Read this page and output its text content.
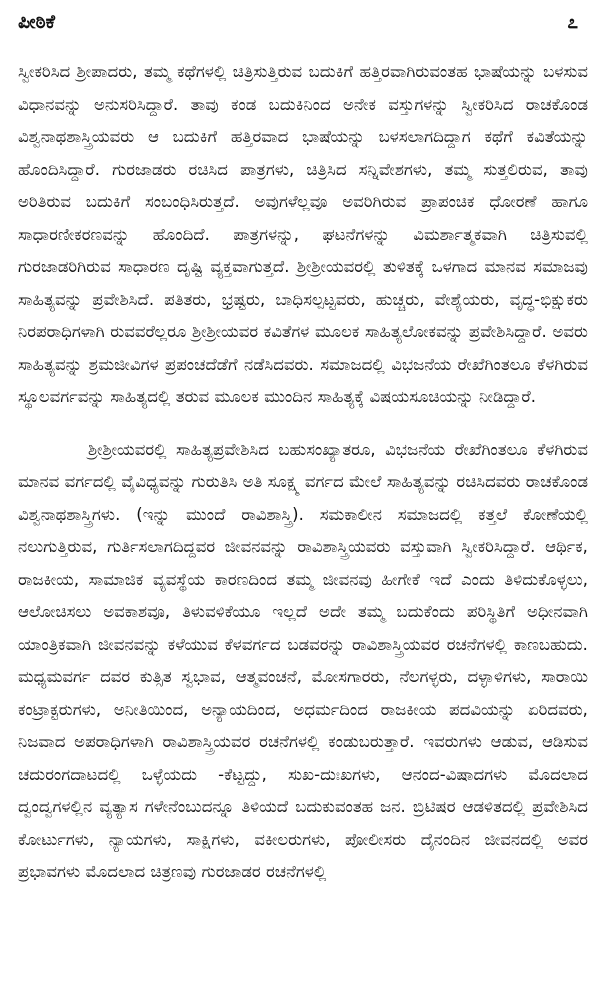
ಪೀಠಿಕೆ	೭

ಸ್ವೀಕರಿಸಿದ ಶ್ರೀಪಾದರು, ತಮ್ಮ ಕಥೆಗಳಲ್ಲಿ ಚಿತ್ರಿಸುತ್ತಿರುವ ಬದುಕಿಗೆ ಹತ್ತಿರವಾಗಿರುವಂತಹ ಭಾಷೆಯನ್ನು ಬಳಸುವ ವಿಧಾನವನ್ನು ಅನುಸರಿಸಿದ್ದಾರೆ. ತಾವು ಕಂಡ ಬದುಕಿನಿಂದ ಅನೇಕ ವಸ್ತುಗಳನ್ನು ಸ್ವೀಕರಿಸಿದ ರಾಚಕೊಂಡ ವಿಶ್ವನಾಥಶಾಸ್ತ್ರಿಯವರು ಆ ಬದುಕಿಗೆ ಹತ್ತಿರವಾದ ಭಾಷೆಯನ್ನು ಬಳಸಲಾಗದಿದ್ದಾಗ ಕಥೆಗೆ ಕವಿತೆಯನ್ನು ಹೊಂದಿಸಿದ್ದಾರೆ. ಗುರಜಾಡರು ರಚಿಸಿದ ಪಾತ್ರಗಳು, ಚಿತ್ರಿಸಿದ ಸನ್ನಿವೇಶಗಳು, ತಮ್ಮ ಸುತ್ತಲಿರುವ, ತಾವು ಅರಿತಿರುವ ಬದುಕಿಗೆ ಸಂಬಂಧಿಸಿರುತ್ತದೆ. ಅವುಗಳೆಲ್ಲವೂ ಅವರಿಗಿರುವ ಪ್ರಾಪಂಚಿಕ ಧೋರಣೆ ಹಾಗೂ ಸಾಧಾರಣೀಕರಣವನ್ನು ಹೊಂದಿದೆ. ಪಾತ್ರಗಳನ್ನು, ಘಟನೆಗಳನ್ನು ವಿಮರ್ಶಾತ್ಮಕವಾಗಿ ಚಿತ್ರಿಸುವಲ್ಲಿ ಗುರಜಾಡರಿಗಿರುವ ಸಾಧಾರಣ ದೃಷ್ಟಿ ವ್ಯಕ್ತವಾಗುತ್ತದೆ. ಶ್ರೀಶ್ರೀಯವರಲ್ಲಿ ತುಳಿತಕ್ಕೆ ಒಳಗಾದ ಮಾನವ ಸಮಾಜವು ಸಾಹಿತ್ಯವನ್ನು ಪ್ರವೇಶಿಸಿದೆ. ಪತಿತರು, ಭ್ರಷ್ಟರು, ಬಾಧಿಸಲ್ಪಟ್ಟವರು, ಹುಚ್ಚರು, ವೇಶ್ಯೆಯರು, ವೃದ್ಧ-ಭಿಕ್ಷುಕರು ನಿರಪರಾಧಿಗಳಾಗಿ ರುವವರೆಲ್ಲರೂ ಶ್ರೀಶ್ರೀಯವರ ಕವಿತೆಗಳ ಮೂಲಕ ಸಾಹಿತ್ಯಲೋಕವನ್ನು ಪ್ರವೇಶಿಸಿದ್ದಾರೆ. ಅವರು ಸಾಹಿತ್ಯವನ್ನು ಶ್ರಮಜೀವಿಗಳ ಪ್ರಪಂಚದೆಡೆಗೆ ನಡೆಸಿದವರು. ಸಮಾಜದಲ್ಲಿ ವಿಭಜನೆಯ ರೇಖೆಗಿಂತಲೂ ಕೆಳಗಿರುವ ಸ್ಥೂಲವರ್ಗವನ್ನು ಸಾಹಿತ್ಯದಲ್ಲಿ ತರುವ ಮೂಲಕ ಮುಂದಿನ ಸಾಹಿತ್ಯಕ್ಕೆ ವಿಷಯಸೂಚಿಯನ್ನು ನೀಡಿದ್ದಾರೆ.

ಶ್ರೀಶ್ರೀಯವರಲ್ಲಿ ಸಾಹಿತ್ಯಪ್ರವೇಶಿಸಿದ ಬಹುಸಂಖ್ಯಾತರೂ, ವಿಭಜನೆಯ ರೇಖೆಗಿಂತಲೂ ಕೆಳಗಿರುವ ಮಾನವ ವರ್ಗದಲ್ಲಿ ವೈವಿಧ್ಯವನ್ನು ಗುರುತಿಸಿ ಅತಿ ಸೂಕ್ಷ್ಮ ವರ್ಗದ ಮೇಲೆ ಸಾಹಿತ್ಯವನ್ನು ರಚಿಸಿದವರು ರಾಚಕೊಂಡ ವಿಶ್ವನಾಥಶಾಸ್ತ್ರಿಗಳು. (ಇನ್ನು ಮುಂದೆ ರಾವಿಶಾಸ್ತ್ರಿ). ಸಮಕಾಲೀನ ಸಮಾಜದಲ್ಲಿ ಕತ್ತಲೆ ಕೋಣೆಯಲ್ಲಿ ನಲುಗುತ್ತಿರುವ, ಗುರ್ತಿಸಲಾಗದಿದ್ದವರ ಜೀವನವನ್ನು ರಾವಿಶಾಸ್ತ್ರಿಯವರು ವಸ್ತುವಾಗಿ ಸ್ವೀಕರಿಸಿದ್ದಾರೆ. ಆರ್ಥಿಕ, ರಾಜಕೀಯ, ಸಾಮಾಜಿಕ ವ್ಯವಸ್ಥೆಯ ಕಾರಣದಿಂದ ತಮ್ಮ ಜೀವನವು ಹೀಗೇಕೆ ಇದೆ ಎಂದು ತಿಳಿದುಕೊಳ್ಳಲು, ಆಲೋಚಿಸಲು ಅವಕಾಶವೂ, ತಿಳುವಳಿಕೆಯೂ ಇಲ್ಲದೆ ಅದೇ ತಮ್ಮ ಬದುಕೆಂದು ಪರಿಸ್ಥಿತಿಗೆ ಅಧೀನವಾಗಿ ಯಾಂತ್ರಿಕವಾಗಿ ಜೀವನವನ್ನು ಕಳೆಯುವ ಕೆಳವರ್ಗದ ಬಡವರನ್ನು ರಾವಿಶಾಸ್ತ್ರಿಯವರ ರಚನೆಗಳಲ್ಲಿ ಕಾಣಬಹುದು. ಮಧ್ಯಮವರ್ಗ ದವರ ಕುತ್ಸಿತ ಸ್ವಭಾವ, ಆತ್ಮವಂಚನೆ, ಮೋಸಗಾರರು, ನೆಲಗಳ್ಳರು, ದಳ್ಳಾಳಿಗಳು, ಸಾರಾಯಿ ಕಂಟ್ರಾಕ್ಟರುಗಳು, ಅನೀತಿಯಿಂದ, ಅನ್ಯಾಯದಿಂದ, ಅಧರ್ಮದಿಂದ ರಾಜಕೀಯ ಪದವಿಯನ್ನು ಏರಿದವರು, ನಿಜವಾದ ಅಪರಾಧಿಗಳಾಗಿ ರಾವಿಶಾಸ್ತ್ರಿಯವರ ರಚನೆಗಳಲ್ಲಿ ಕಂಡುಬರುತ್ತಾರೆ. ಇವರುಗಳು ಆಡುವ, ಆಡಿಸುವ ಚದುರಂಗದಾಟದಲ್ಲಿ ಒಳ್ಳೆಯದು -ಕೆಟ್ಟದ್ದು, ಸುಖ-ದುಃಖಗಳು, ಆನಂದ-ವಿಷಾದಗಳು ಮೊದಲಾದ ದ್ವಂದ್ವಗಳಲ್ಲಿನ ವ್ಯತ್ಯಾಸ ಗಳೇನೆಂಬುದನ್ನೂ ತಿಳಿಯದೆ ಬದುಕುವಂತಹ ಜನ. ಬ್ರಿಟಿಷರ ಆಡಳಿತದಲ್ಲಿ ಪ್ರವೇಶಿಸಿದ ಕೋರ್ಟುಗಳು, ನ್ಯಾಯಗಳು, ಸಾಕ್ಷಿಗಳು, ವಕೀಲರುಗಳು, ಪೋಲೀಸರು ದೈನಂದಿನ ಜೀವನದಲ್ಲಿ ಅವರ ಪ್ರಭಾವಗಳು ಮೊದಲಾದ ಚಿತ್ರಣವು ಗುರಜಾಡರ ರಚನೆಗಳಲ್ಲಿ
